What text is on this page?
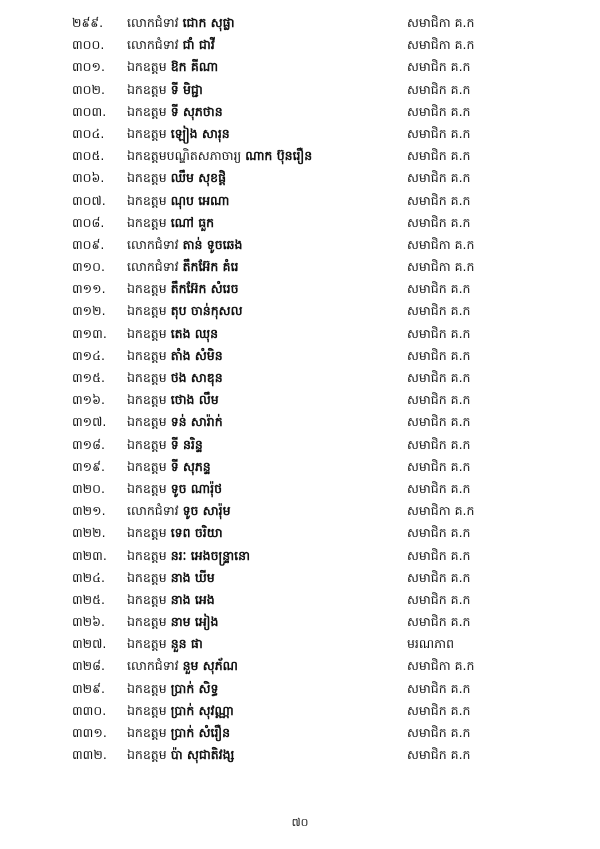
២៩៩.	លោកជំទាវ ជោក សុផ្លា	សមាជិកា គ.ក
៣០០.	លោកជំទាវ ជាំ ជាវី	សមាជិកា គ.ក
៣០១.	ឯកឧត្តម ឱក គីណា	សមាជិក គ.ក
៣០២.	ឯកឧត្តម ទី មិជ្ជា	សមាជិក គ.ក
៣០៣.	ឯកឧត្តម ទី សុភថាន	សមាជិក គ.ក
៣០៤.	ឯកឧត្តម ឡៀង សារុន	សមាជិក គ.ក
៣០៥.	ឯកឧត្តមបណ្ឌិតសភាចារ្យ ណាក ប៊ុនរឿន	សមាជិក គ.ក
៣០៦.	ឯកឧត្តម ឈឹម សុខផ្តិ	សមាជិក គ.ក
៣០៧.	ឯកឧត្តម ណុប អេណា	សមាជិក គ.ក
៣០៨.	ឯកឧត្តម ណៅ ធួក	សមាជិក គ.ក
៣០៩.	លោកជំទាវ តាន់ ទូចឆេង	សមាជិកា គ.ក
៣១០.	លោកជំទាវ តឹកអ៊ែក គំរេ	សមាជិកា គ.ក
៣១១.	ឯកឧត្តម តឹកអ៊ែក សំរេច	សមាជិក គ.ក
៣១២.	ឯកឧត្តម តុប ចាន់កុសល	សមាជិក គ.ក
៣១៣.	ឯកឧត្តម តេង ឈុន	សមាជិក គ.ក
៣១៤.	ឯកឧត្តម តាំង សំមិន	សមាជិក គ.ក
៣១៥.	ឯកឧត្តម ថង សាឌុន	សមាជិក គ.ក
៣១៦.	ឯកឧត្តម ថោង លឹម	សមាជិក គ.ក
៣១៧.	ឯកឧត្តម ទន់ សារ៉ាក់	សមាជិក គ.ក
៣១៨.	ឯកឧត្តម ទី នរិន្ទ	សមាជិក គ.ក
៣១៩.	ឯកឧត្តម ទី សុភន្ទ	សមាជិក គ.ក
៣២០.	ឯកឧត្តម ទូច ណារ៉ុថ	សមាជិក គ.ក
៣២១.	លោកជំទាវ ទូច សារ៉ុម	សមាជិកា គ.ក
៣២២.	ឯកឧត្តម ទេព ចរិយា	សមាជិក គ.ក
៣២៣.	ឯកឧត្តម នរៈ អេងចន្ទ្រានោ	សមាជិក គ.ក
៣២៤.	ឯកឧត្តម នាង ឃីម	សមាជិក គ.ក
៣២៥.	ឯកឧត្តម នាង អេង	សមាជិក គ.ក
៣២៦.	ឯកឧត្តម នាម អៀង	សមាជិក គ.ក
៣២៧.	ឯកឧត្តម នួន ផា	មរណភាព
៣២៨.	លោកជំទាវ នួម សុភ័ណ	សមាជិកា គ.ក
៣២៩.	ឯកឧត្តម ប្រាក់ សិទ្ធ	សមាជិក គ.ក
៣៣០.	ឯកឧត្តម ប្រាក់ សុវណ្ណា	សមាជិក គ.ក
៣៣១.	ឯកឧត្តម ប្រាក់ សំរឿន	សមាជិក គ.ក
៣៣២.	ឯកឧត្តម ប៉ា សុជាតិវង្ស	សមាជិក គ.ក
៧០
